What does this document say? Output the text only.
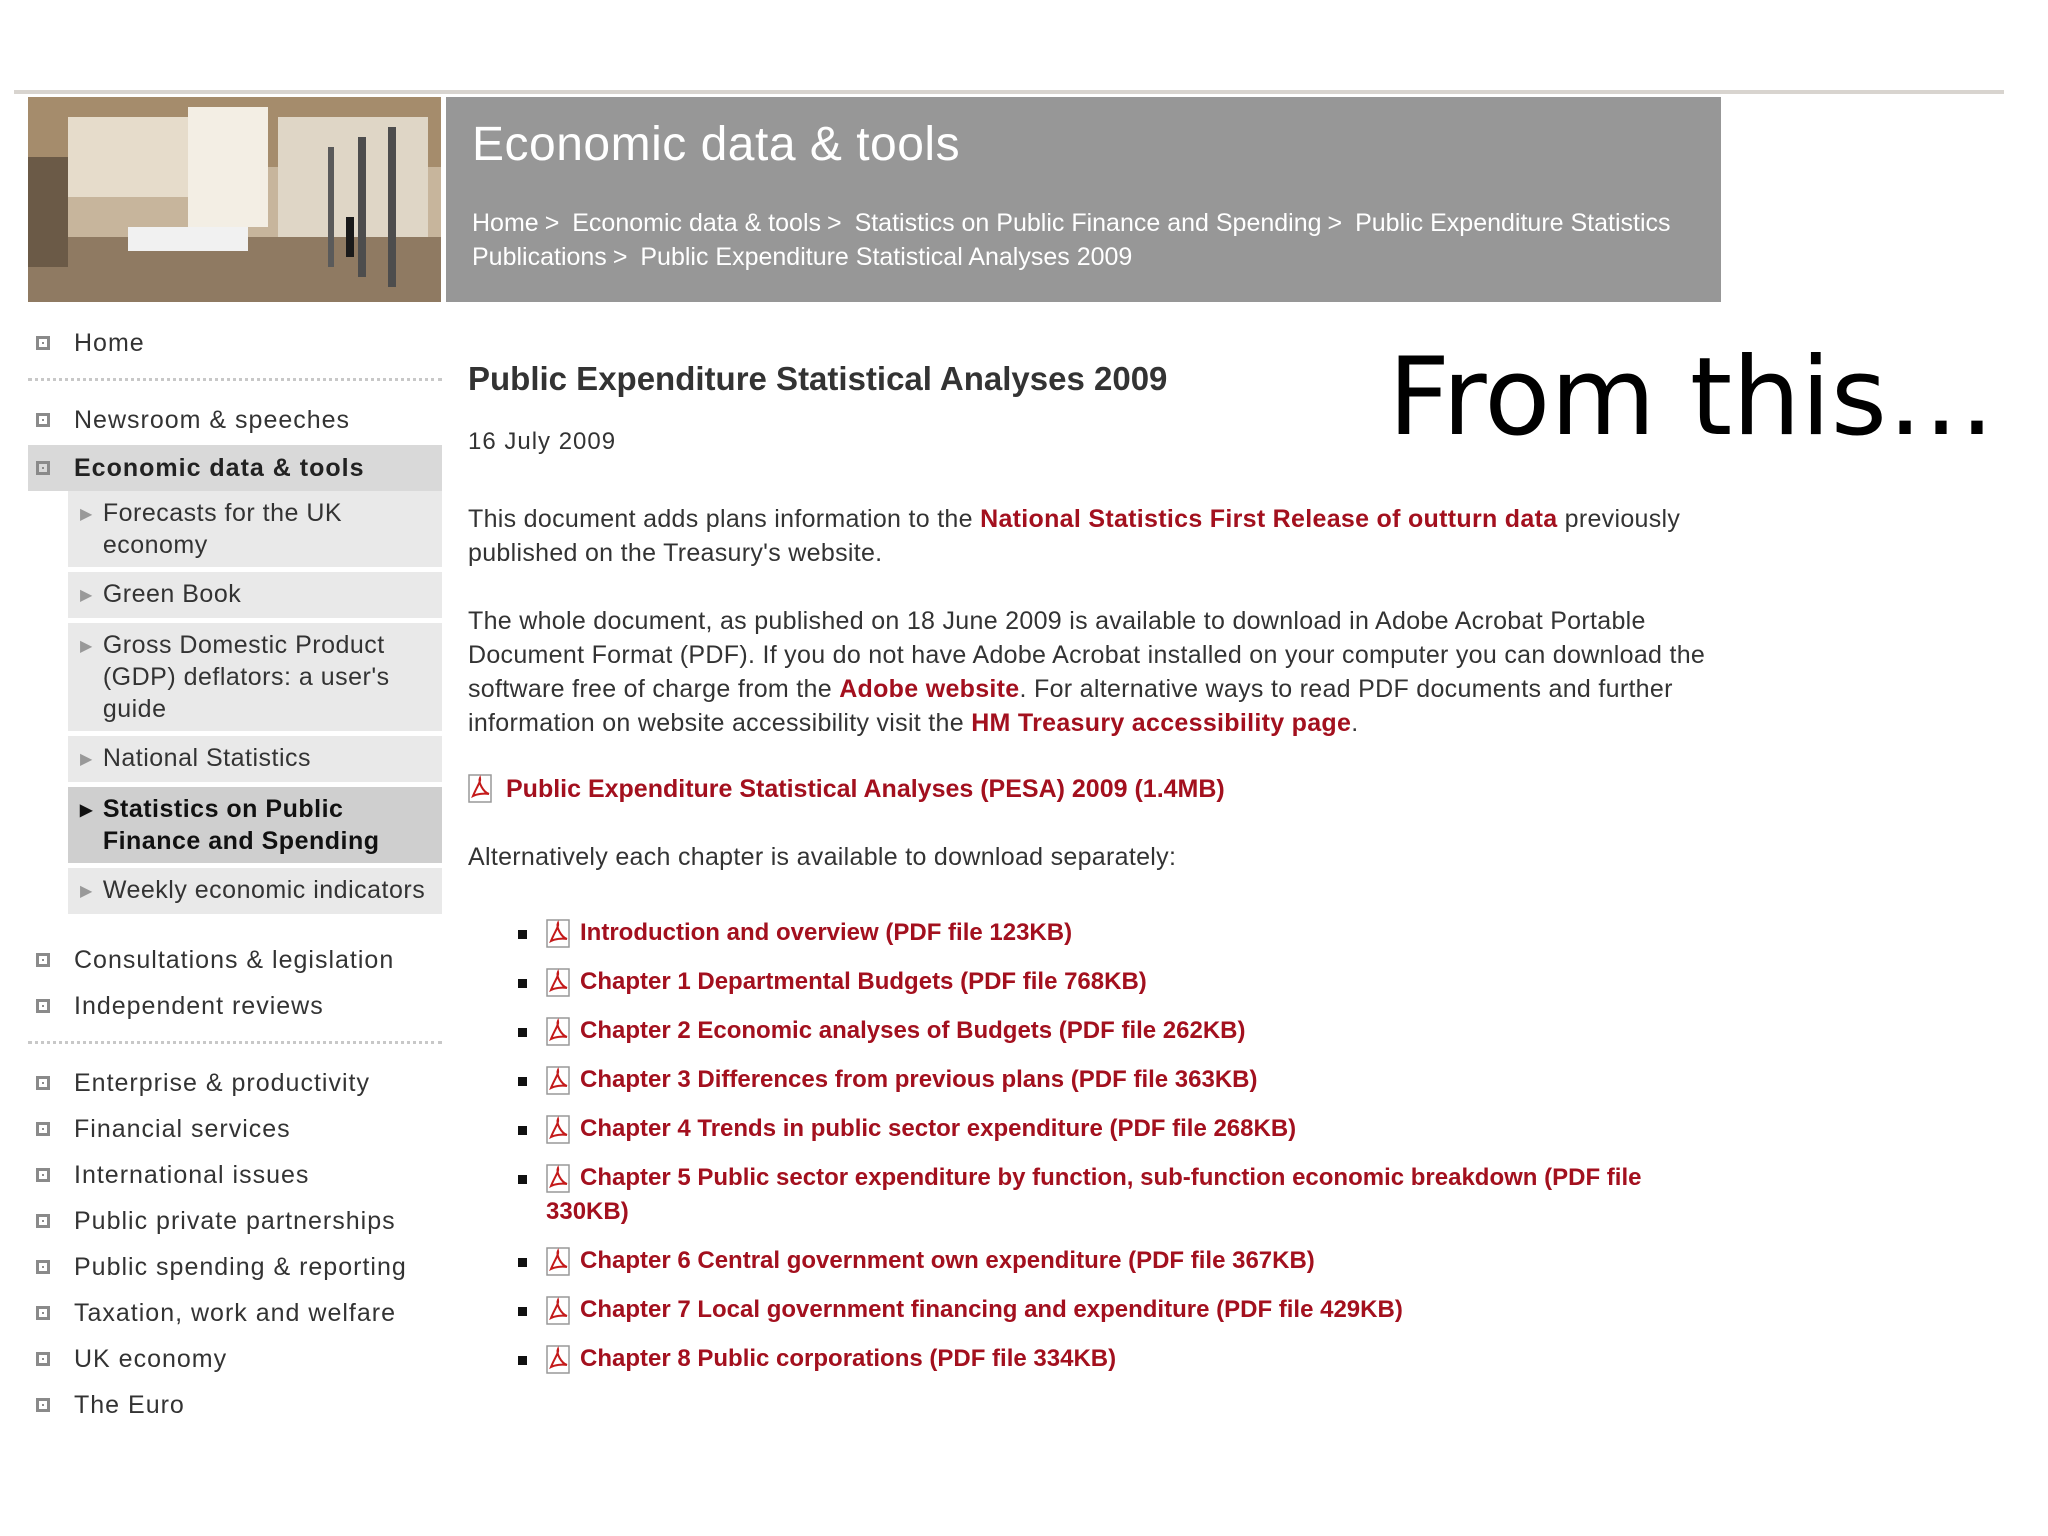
Economic data & tools
Home > Economic data & tools > Statistics on Public Finance and Spending > Public Expenditure Statistics Publications > Public Expenditure Statistical Analyses 2009
Home
Newsroom & speeches
Economic data & tools
▶ Forecasts for the UK economy
▶ Green Book
▶ Gross Domestic Product (GDP) deflators: a user's guide
▶ National Statistics
▶ Statistics on Public Finance and Spending
▶ Weekly economic indicators
Consultations & legislation
Independent reviews
Enterprise & productivity
Financial services
International issues
Public private partnerships
Public spending & reporting
Taxation, work and welfare
UK economy
The Euro
Public Expenditure Statistical Analyses 2009
16 July 2009

This document adds plans information to the National Statistics First Release of outturn data previously published on the Treasury's website.

The whole document, as published on 18 June 2009 is available to download in Adobe Acrobat Portable Document Format (PDF). If you do not have Adobe Acrobat installed on your computer you can download the software free of charge from the Adobe website. For alternative ways to read PDF documents and further information on website accessibility visit the HM Treasury accessibility page.

Public Expenditure Statistical Analyses (PESA) 2009 (1.4MB)

Alternatively each chapter is available to download separately:

Introduction and overview (PDF file 123KB)
Chapter 1 Departmental Budgets (PDF file 768KB)
Chapter 2 Economic analyses of Budgets (PDF file 262KB)
Chapter 3 Differences from previous plans (PDF file 363KB)
Chapter 4 Trends in public sector expenditure (PDF file 268KB)
Chapter 5 Public sector expenditure by function, sub-function economic breakdown (PDF file 330KB)
Chapter 6 Central government own expenditure (PDF file 367KB)
Chapter 7 Local government financing and expenditure (PDF file 429KB)
Chapter 8 Public corporations (PDF file 334KB)
From this…
